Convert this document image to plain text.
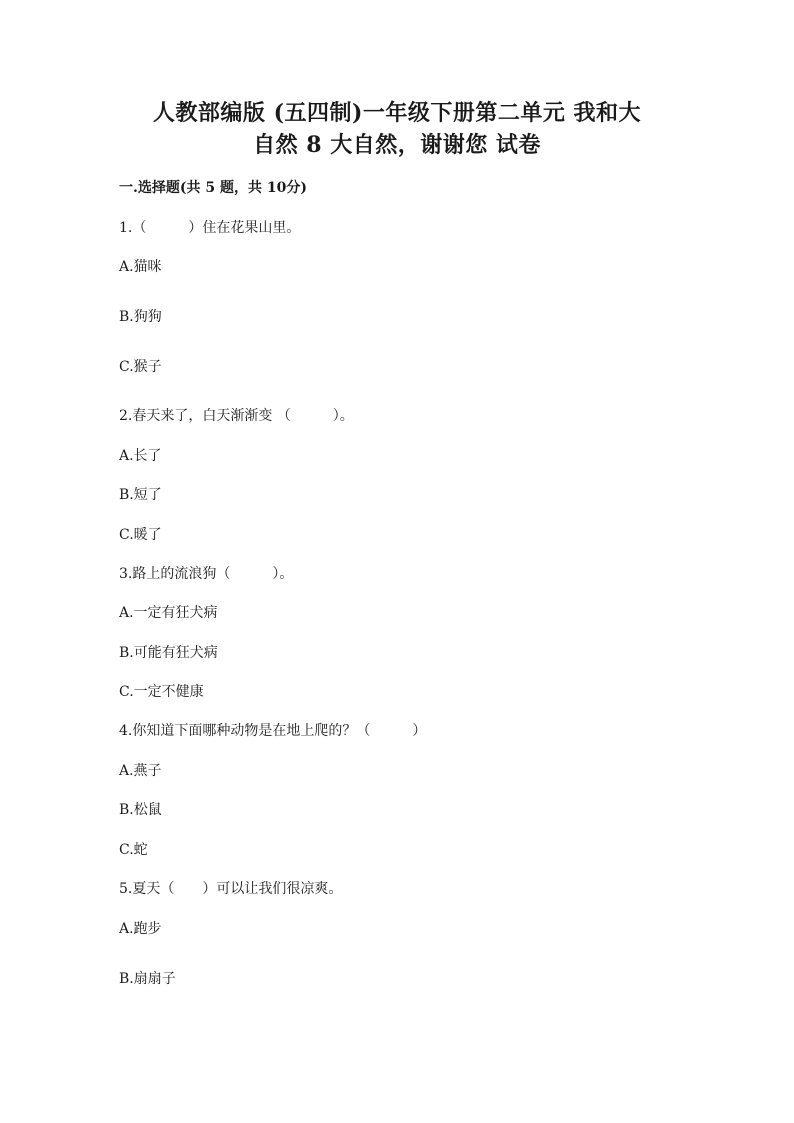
人教部编版 (五四制)一年级下册第二单元 我和大
自然 8 大自然，谢谢您 试卷
一.选择题(共 5 题，共 10分)
1.（　　　）住在花果山里。
A.猫咪
B.狗狗
C.猴子
2.春天来了，白天渐渐变 （　　　）。
A.长了
B.短了
C.暖了
3.路上的流浪狗（　　　）。
A.一定有狂犬病
B.可能有狂犬病
C.一定不健康
4.你知道下面哪种动物是在地上爬的？（　　　）
A.燕子
B.松鼠
C.蛇
5.夏天（　　）可以让我们很凉爽。
A.跑步
B.扇扇子
